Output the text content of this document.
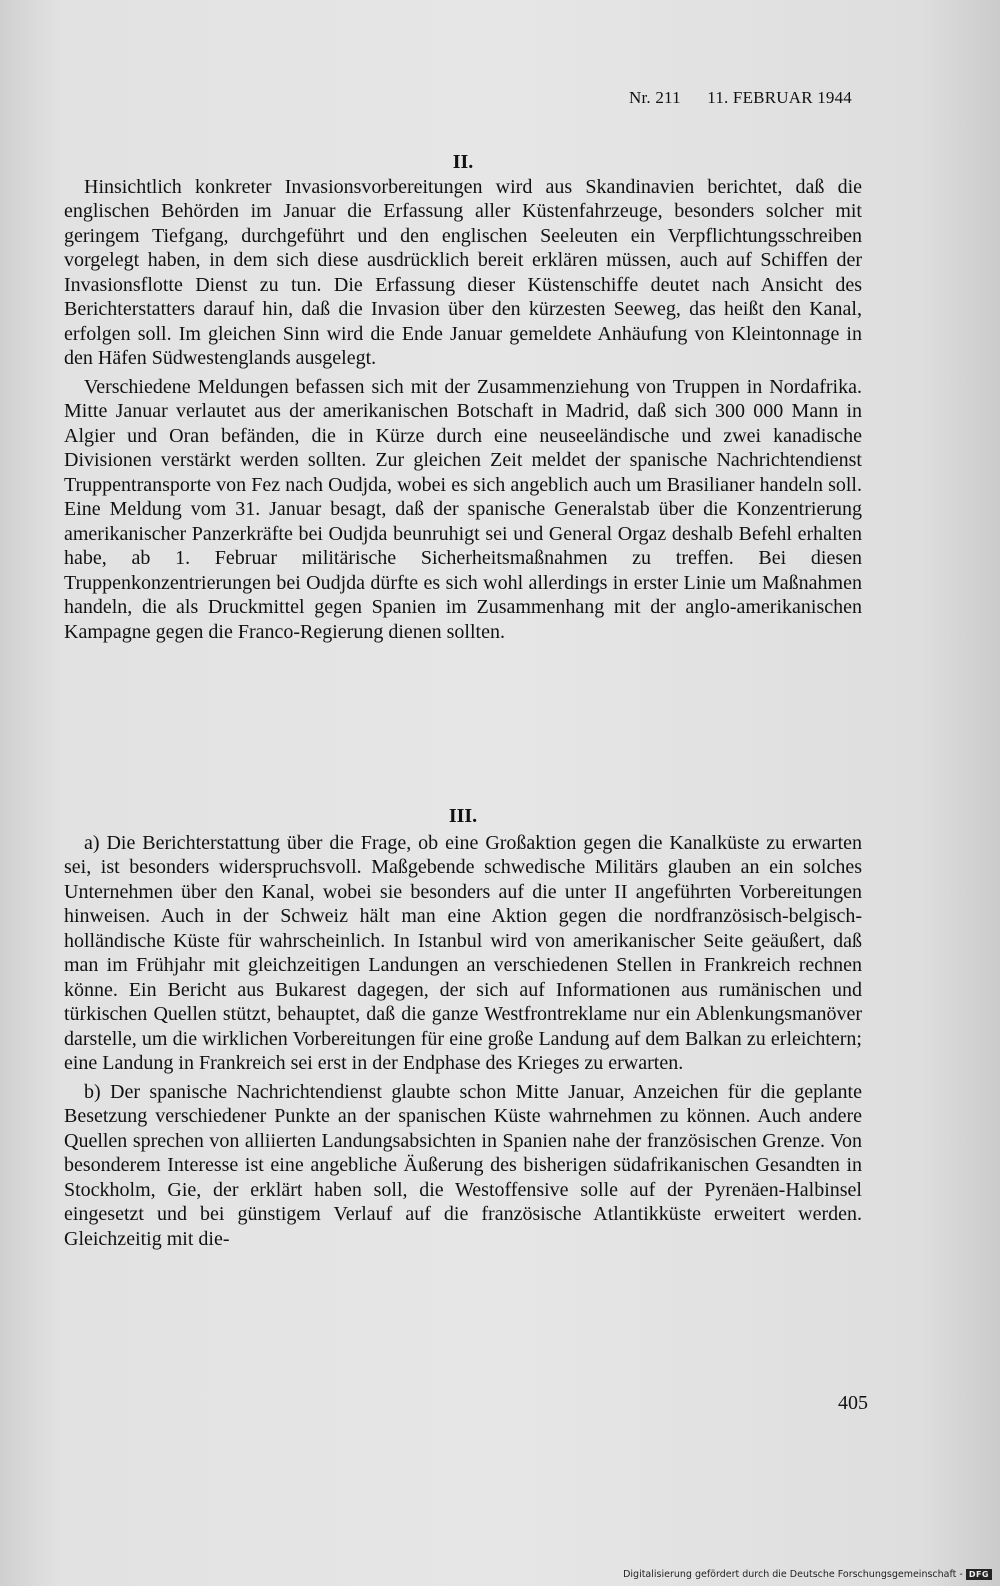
Nr. 211 11. FEBRUAR 1944
II.

Hinsichtlich konkreter Invasionsvorbereitungen wird aus Skandinavien berichtet, daß die englischen Behörden im Januar die Erfassung aller Küstenfahrzeuge, besonders solcher mit geringem Tiefgang, durchgeführt und den englischen Seeleuten ein Verpflichtungsschreiben vorgelegt haben, in dem sich diese ausdrücklich bereit erklären müssen, auch auf Schiffen der Invasionsflotte Dienst zu tun. Die Erfassung dieser Küstenschiffe deutet nach Ansicht des Berichterstatters darauf hin, daß die Invasion über den kürzesten Seeweg, das heißt den Kanal, erfolgen soll. Im gleichen Sinn wird die Ende Januar gemeldete Anhäufung von Kleintonnage in den Häfen Südwestenglands ausgelegt.

Verschiedene Meldungen befassen sich mit der Zusammenziehung von Truppen in Nordafrika. Mitte Januar verlautet aus der amerikanischen Botschaft in Madrid, daß sich 300 000 Mann in Algier und Oran befänden, die in Kürze durch eine neuseeländische und zwei kanadische Divisionen verstärkt werden sollten. Zur gleichen Zeit meldet der spanische Nachrichtendienst Truppentransporte von Fez nach Oudjda, wobei es sich angeblich auch um Brasilianer handeln soll. Eine Meldung vom 31. Januar besagt, daß der spanische Generalstab über die Konzentrierung amerikanischer Panzerkräfte bei Oudjda beunruhigt sei und General Orgaz deshalb Befehl erhalten habe, ab 1. Februar militärische Sicherheitsmaßnahmen zu treffen. Bei diesen Truppenkonzentrierungen bei Oudjda dürfte es sich wohl allerdings in erster Linie um Maßnahmen handeln, die als Druckmittel gegen Spanien im Zusammenhang mit der anglo-amerikanischen Kampagne gegen die Franco-Regierung dienen sollten.

III.

a) Die Berichterstattung über die Frage, ob eine Großaktion gegen die Kanalküste zu erwarten sei, ist besonders widerspruchsvoll. Maßgebende schwedische Militärs glauben an ein solches Unternehmen über den Kanal, wobei sie besonders auf die unter II angeführten Vorbereitungen hinweisen. Auch in der Schweiz hält man eine Aktion gegen die nordfranzösisch-belgisch-holländische Küste für wahrscheinlich. In Istanbul wird von amerikanischer Seite geäußert, daß man im Frühjahr mit gleichzeitigen Landungen an verschiedenen Stellen in Frankreich rechnen könne. Ein Bericht aus Bukarest dagegen, der sich auf Informationen aus rumänischen und türkischen Quellen stützt, behauptet, daß die ganze Westfrontreklame nur ein Ablenkungsmanöver darstelle, um die wirklichen Vorbereitungen für eine große Landung auf dem Balkan zu erleichtern; eine Landung in Frankreich sei erst in der Endphase des Krieges zu erwarten.

b) Der spanische Nachrichtendienst glaubte schon Mitte Januar, Anzeichen für die geplante Besetzung verschiedener Punkte an der spanischen Küste wahrnehmen zu können. Auch andere Quellen sprechen von alliierten Landungsabsichten in Spanien nahe der französischen Grenze. Von besonderem Interesse ist eine angebliche Äußerung des bisherigen südafrikanischen Gesandten in Stockholm, Gie, der erklärt haben soll, die Westoffensive solle auf der Pyrenäen-Halbinsel eingesetzt und bei günstigem Verlauf auf die französische Atlantikküste erweitert werden. Gleichzeitig mit die-

405
Digitalisierung gefördert durch die Deutsche Forschungsgemeinschaft - DFG
